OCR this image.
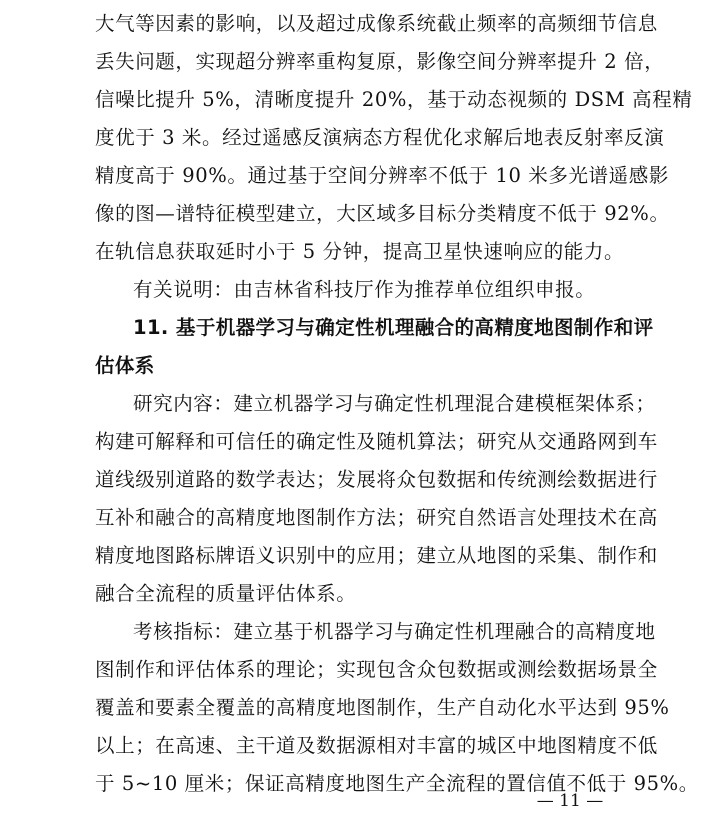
大气等因素的影响，以及超过成像系统截止频率的高频细节信息
丢失问题，实现超分辨率重构复原，影像空间分辨率提升 2 倍，
信噪比提升 5%，清晰度提升 20%，基于动态视频的 DSM 高程精
度优于 3 米。经过遥感反演病态方程优化求解后地表反射率反演
精度高于 90%。通过基于空间分辨率不低于 10 米多光谱遥感影
像的图—谱特征模型建立，大区域多目标分类精度不低于 92%。
在轨信息获取延时小于 5 分钟，提高卫星快速响应的能力。
有关说明：由吉林省科技厅作为推荐单位组织申报。
11. 基于机器学习与确定性机理融合的高精度地图制作和评
估体系
研究内容：建立机器学习与确定性机理混合建模框架体系；
构建可解释和可信任的确定性及随机算法；研究从交通路网到车
道线级别道路的数学表达；发展将众包数据和传统测绘数据进行
互补和融合的高精度地图制作方法；研究自然语言处理技术在高
精度地图路标牌语义识别中的应用；建立从地图的采集、制作和
融合全流程的质量评估体系。
考核指标：建立基于机器学习与确定性机理融合的高精度地
图制作和评估体系的理论；实现包含众包数据或测绘数据场景全
覆盖和要素全覆盖的高精度地图制作，生产自动化水平达到 95%
以上；在高速、主干道及数据源相对丰富的城区中地图精度不低
于 5~10 厘米；保证高精度地图生产全流程的置信值不低于 95%。
— 11 —
